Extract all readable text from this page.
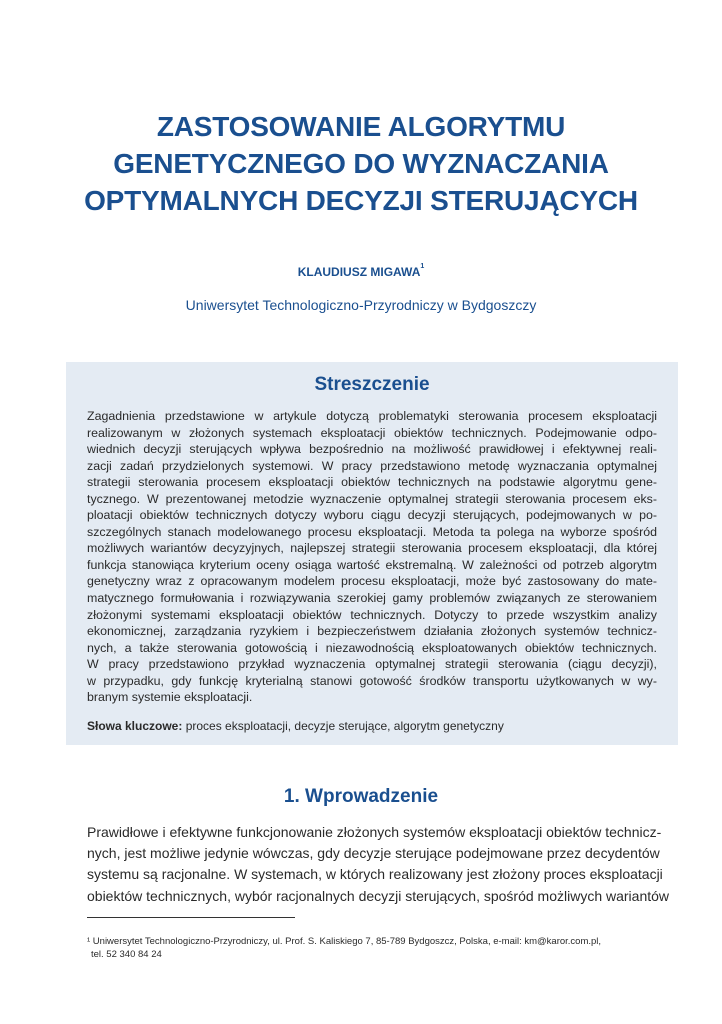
ZASTOSOWANIE ALGORYTMU
GENETYCZNEGO DO WYZNACZANIA
OPTYMALNYCH DECYZJI STERUJĄCYCH
KLAUDIUSZ MIGAWA$^1$
Uniwersytet Technologiczno-Przyrodniczy w Bydgoszczy
Streszczenie
Zagadnienia przedstawione w artykule dotyczą problematyki sterowania procesem eksploatacji
realizowanym w złożonych systemach eksploatacji obiektów technicznych. Podejmowanie odpo-
wiednich decyzji sterujących wpływa bezpośrednio na możliwość prawidłowej i efektywnej reali-
zacji zadań przydzielonych systemowi. W pracy przedstawiono metodę wyznaczania optymalnej
strategii sterowania procesem eksploatacji obiektów technicznych na podstawie algorytmu gene-
tycznego. W prezentowanej metodzie wyznaczenie optymalnej strategii sterowania procesem eks-
ploatacji obiektów technicznych dotyczy wyboru ciągu decyzji sterujących, podejmowanych w po-
szczególnych stanach modelowanego procesu eksploatacji. Metoda ta polega na wyborze spośród
możliwych wariantów decyzyjnych, najlepszej strategii sterowania procesem eksploatacji, dla której
funkcja stanowiąca kryterium oceny osiąga wartość ekstremalną. W zależności od potrzeb algorytm
genetyczny wraz z opracowanym modelem procesu eksploatacji, może być zastosowany do mate-
matycznego formułowania i rozwiązywania szerokiej gamy problemów związanych ze sterowaniem
złożonymi systemami eksploatacji obiektów technicznych. Dotyczy to przede wszystkim analizy
ekonomicznej, zarządzania ryzykiem i bezpieczeństwem działania złożonych systemów technicz-
nych, a także sterowania gotowością i niezawodnością eksploatowanych obiektów technicznych.
W pracy przedstawiono przykład wyznaczenia optymalnej strategii sterowania (ciągu decyzji),
w przypadku, gdy funkcję kryterialną stanowi gotowość środków transportu użytkowanych w wy-
branym systemie eksploatacji.
Słowa kluczowe: proces eksploatacji, decyzje sterujące, algorytm genetyczny
1. Wprowadzenie
Prawidłowe i efektywne funkcjonowanie złożonych systemów eksploatacji obiektów technicz-
nych, jest możliwe jedynie wówczas, gdy decyzje sterujące podejmowane przez decydentów
systemu są racjonalne. W systemach, w których realizowany jest złożony proces eksploatacji
obiektów technicznych, wybór racjonalnych decyzji sterujących, spośród możliwych wariantów
¹ Uniwersytet Technologiczno-Przyrodniczy, ul. Prof. S. Kaliskiego 7, 85-789 Bydgoszcz, Polska, e-mail: km@karor.com.pl,
tel. 52 340 84 24
